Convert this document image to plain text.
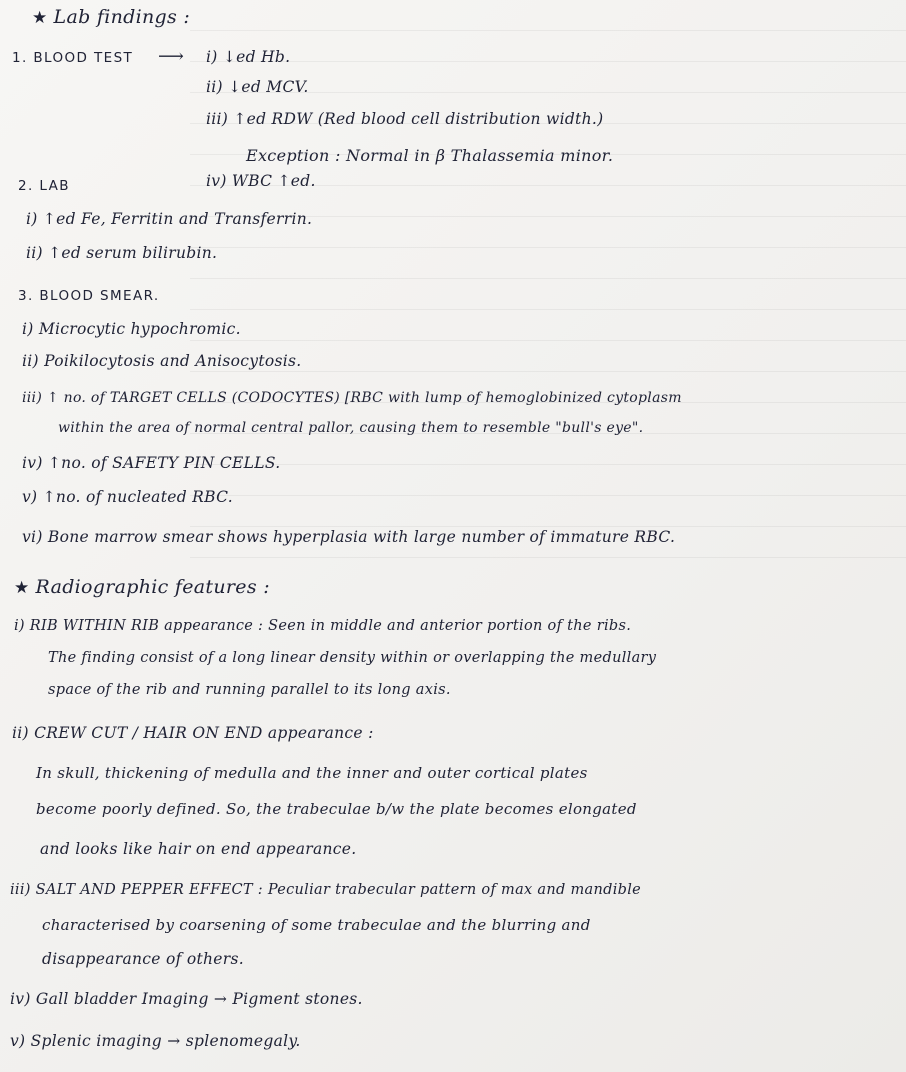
★ Lab findings :
1. BLOOD TEST ⟶ i) ↓ed Hb.
ii) ↓ed MCV.
iii) ↑ed RDW (Red blood cell distribution width.)
Exception : Normal in β Thalassemia minor.
2. LAB	iv) WBC ↑ed.
i) ↑ed Fe, Ferritin and Transferrin.
ii) ↑ed serum bilirubin.
3. BLOOD SMEAR.
i) Microcytic hypochromic.
ii) Poikilocytosis and Anisocytosis.
iii) ↑ no. of TARGET CELLS (CODOCYTES) [RBC with lump of hemoglobinized cytoplasm
within the area of normal central pallor, causing them to resemble "bull's eye".
iv) ↑no. of SAFETY PIN CELLS.
v) ↑no. of nucleated RBC.
vi) Bone marrow smear shows hyperplasia with large number of immature RBC.
★ Radiographic features :
i) RIB WITHIN RIB appearance : Seen in middle and anterior portion of the ribs.
The finding consist of a long linear density within or overlapping the medullary
space of the rib and running parallel to its long axis.
ii) CREW CUT / HAIR ON END appearance :
In skull, thickening of medulla and the inner and outer cortical plates
become poorly defined. So, the trabeculae b/w the plate becomes elongated
and looks like hair on end appearance.
iii) SALT AND PEPPER EFFECT : Peculiar trabecular pattern of max and mandible
characterised by coarsening of some trabeculae and the blurring and
disappearance of others.
iv) Gall bladder Imaging → Pigment stones.
v) Splenic imaging → splenomegaly.
